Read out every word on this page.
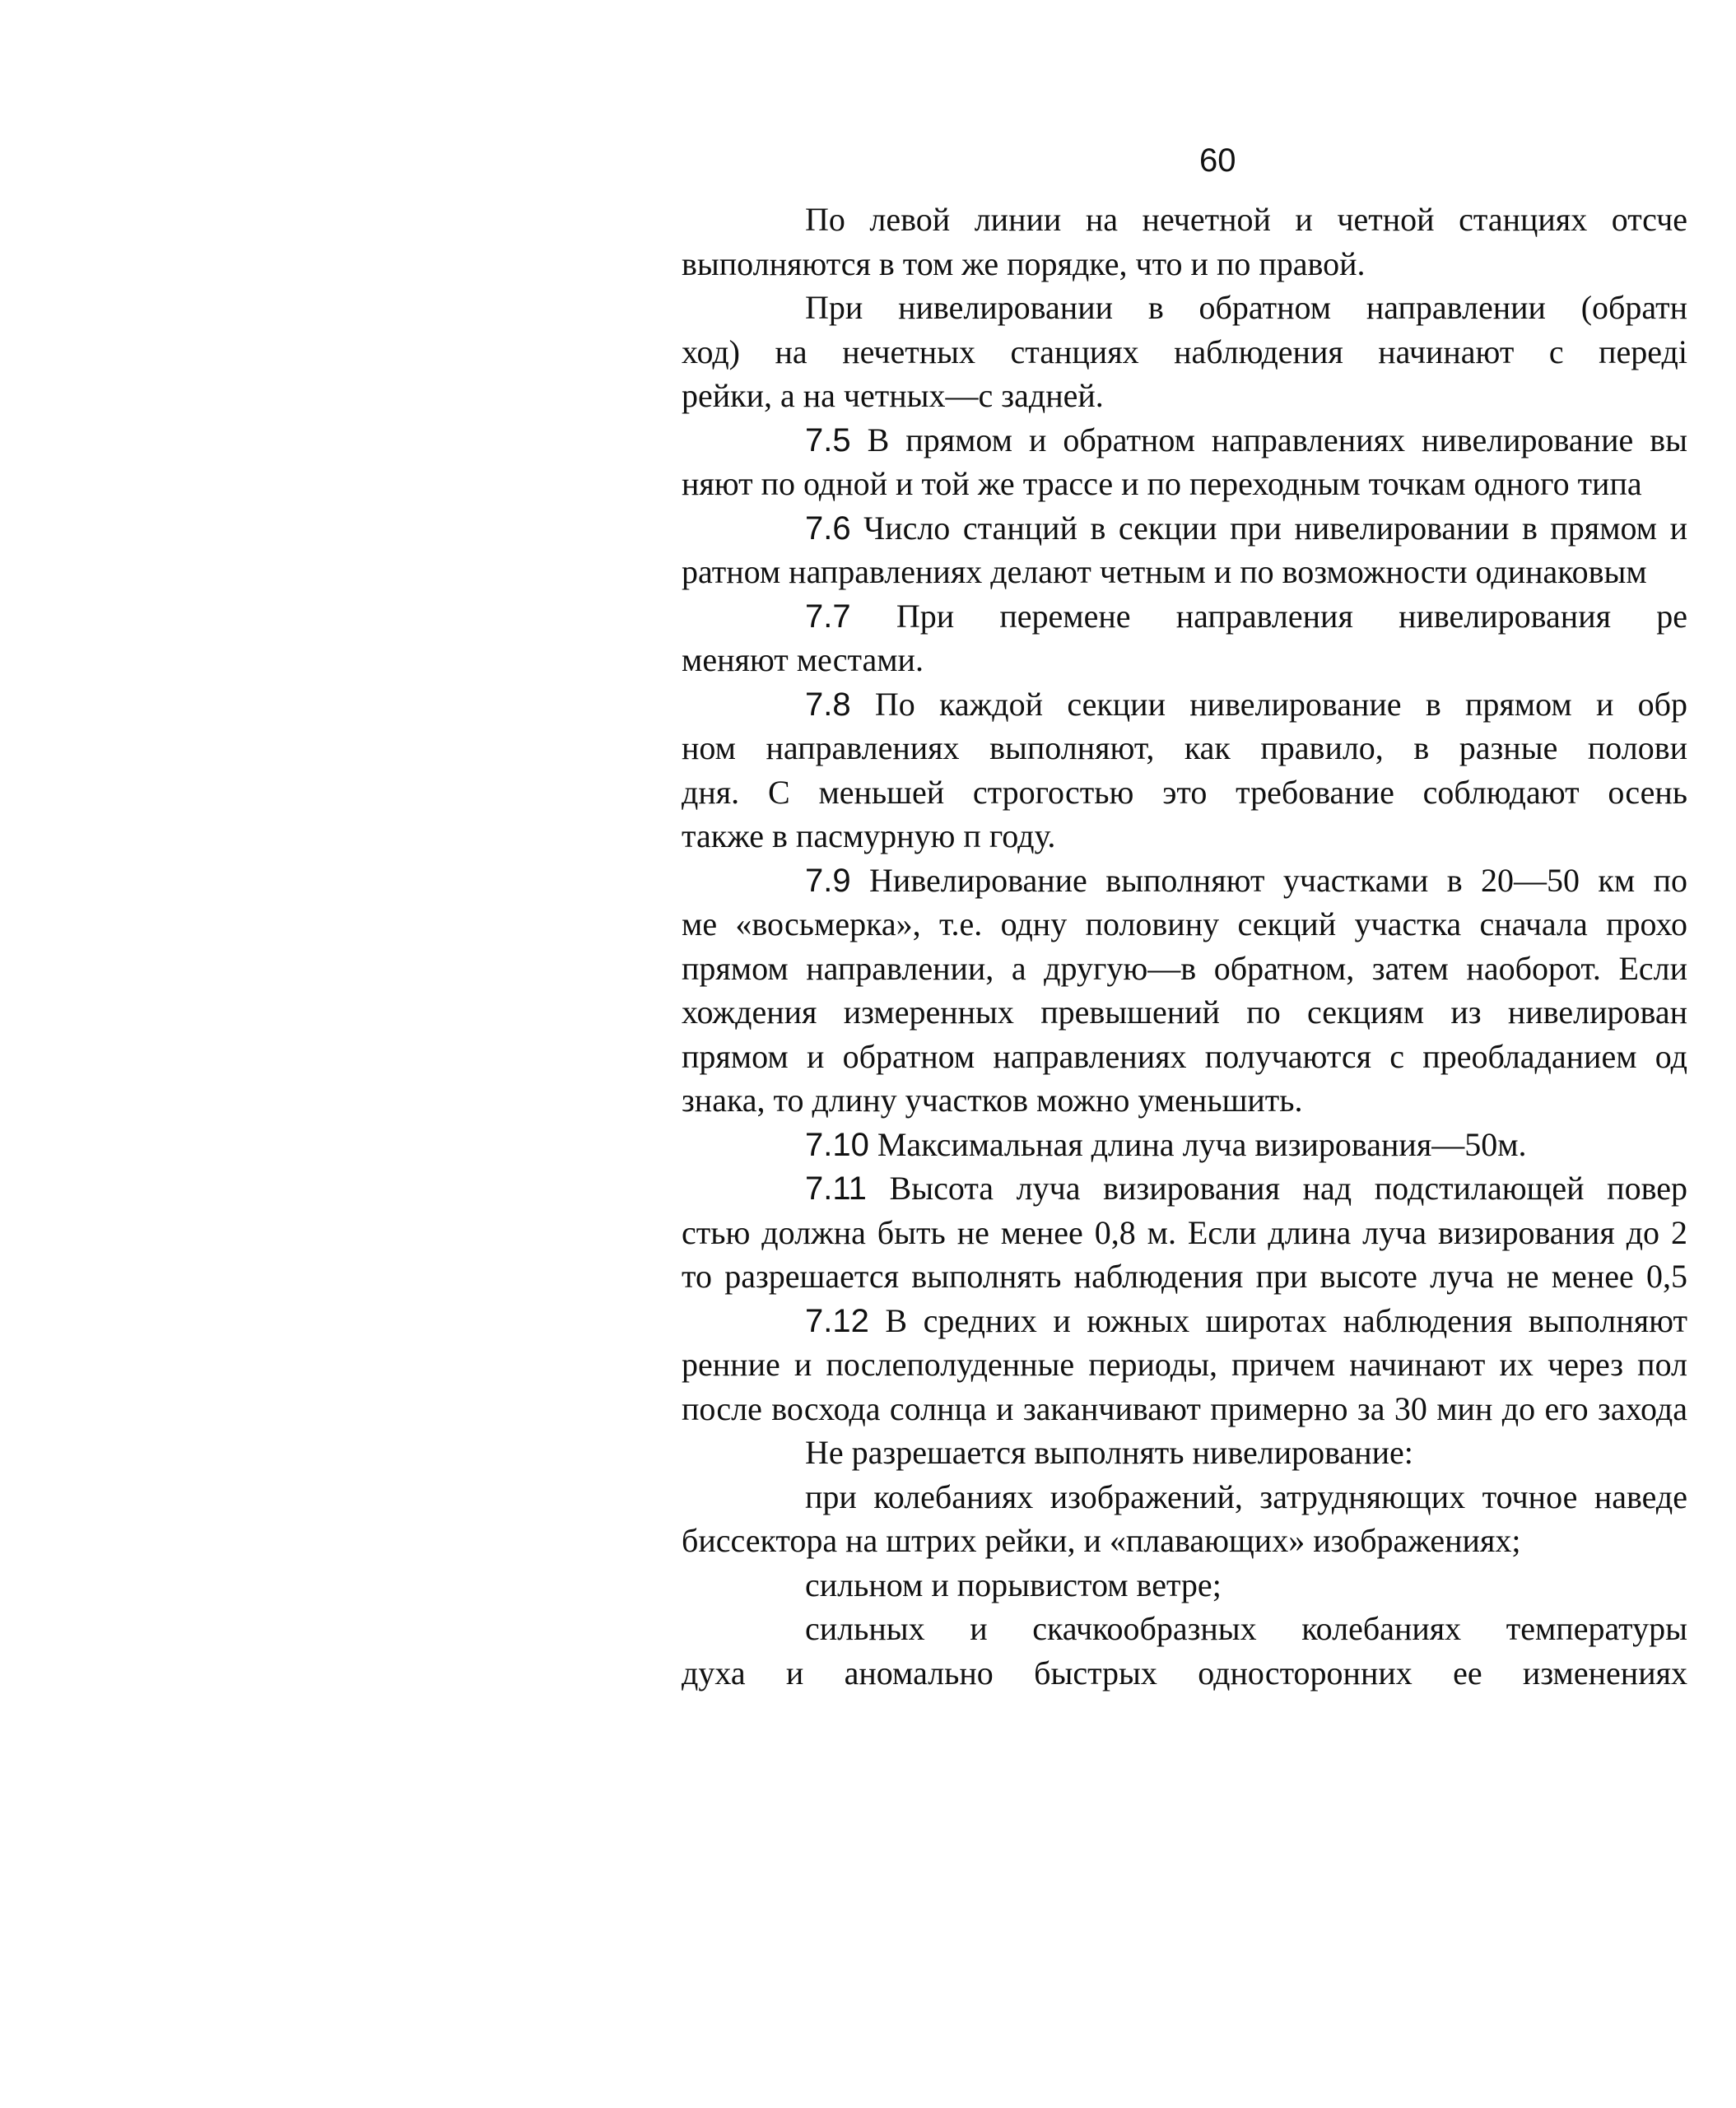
60
По левой линии на нечетной и четной станциях отсче
выполняются в том же порядке, что и по правой.
При нивелировании в обратном направлении (обратн
ход) на нечетных станциях наблюдения начинают с переді
рейки, а на четных—с задней.
7.5 В прямом и обратном направлениях нивелирование вы
няют по одной и той же трассе и по переходным точкам одного типа
7.6 Число станций в секции при нивелировании в прямом и
ратном направлениях делают четным и по возможности одинаковым
7.7 При перемене направления нивелирования ре
меняют местами.
7.8 По каждой секции нивелирование в прямом и обр
ном направлениях выполняют, как правило, в разные полови
дня. С меньшей строгостью это требование соблюдают осень
также в пасмурную п году.
7.9 Нивелирование выполняют участками в 20—50 км по
ме «восьмерка», т.е. одну половину секций участка сначала прохо
прямом направлении, а другую—в обратном, затем наоборот. Если
хождения измеренных превышений по секциям из нивелирован
прямом и обратном направлениях получаются с преобладанием од
знака, то длину участков можно уменьшить.
7.10 Максимальная длина луча визирования—50м.
7.11 Высота луча визирования над подстилающей повер
стью должна быть не менее 0,8 м. Если длина луча визирования до 2
то разрешается выполнять наблюдения при высоте луча не менее 0,5
7.12 В средних и южных широтах наблюдения выполняют
ренние и послеполуденные периоды, причем начинают их через пол
после восхода солнца и заканчивают примерно за 30 мин до его захода
Не разрешается выполнять нивелирование:
при колебаниях изображений, затрудняющих точное наведе
биссектора на штрих рейки, и «плавающих» изображениях;
сильном и порывистом ветре;
сильных и скачкообразных колебаниях температуры
духа и аномально быстрых односторонних ее изменениях
